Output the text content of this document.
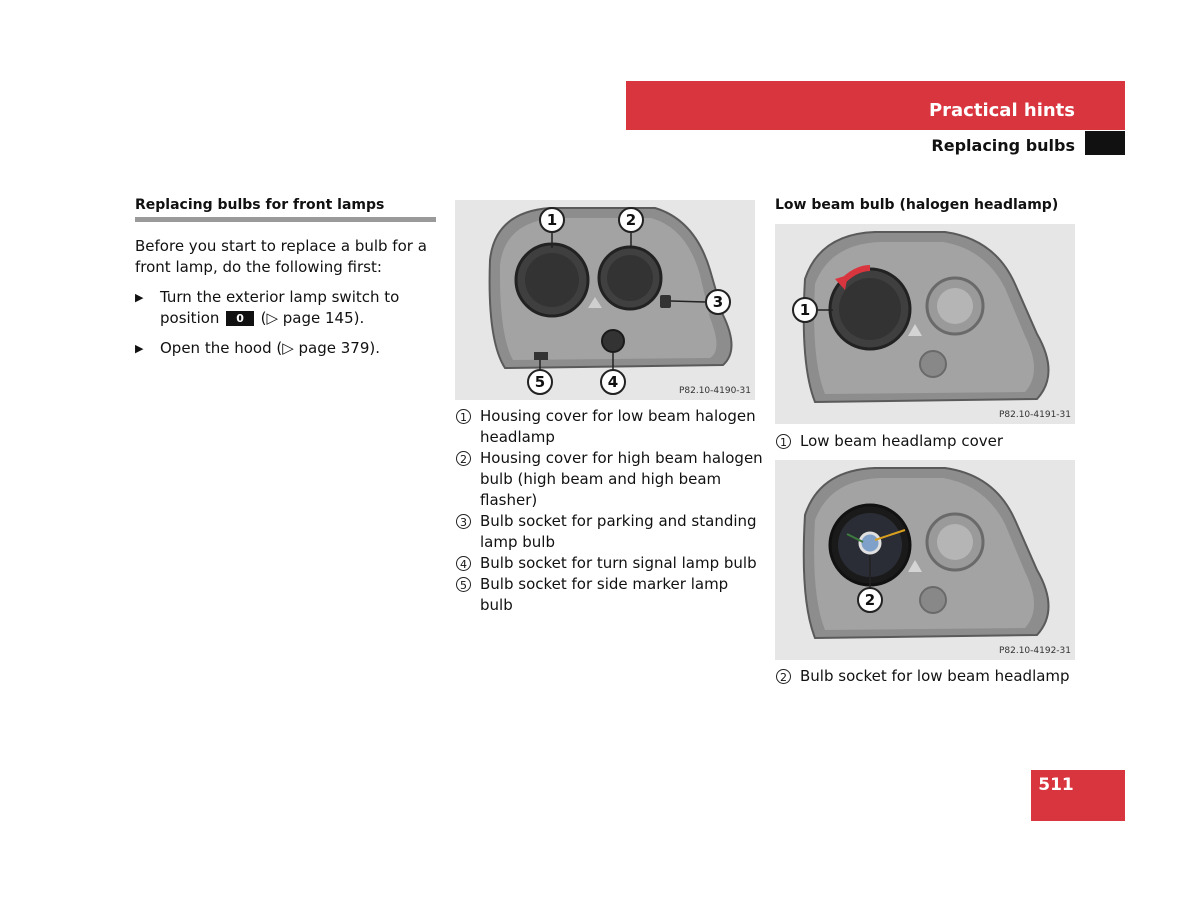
Practical hints
Replacing bulbs
Replacing bulbs for front lamps
Before you start to replace a bulb for a front lamp, do the following first:
▶ Turn the exterior lamp switch to position 0 (▷ page 145).
▶ Open the hood (▷ page 379).
1	2
3
4
5	P82.10-4190-31
1 Housing cover for low beam halogen headlamp
2 Housing cover for high beam halogen bulb (high beam and high beam flasher)
3 Bulb socket for parking and standing lamp bulb
4 Bulb socket for turn signal lamp bulb
5 Bulb socket for side marker lamp bulb
Low beam bulb (halogen headlamp)
1
P82.10-4191-31
1 Low beam headlamp cover
2
P82.10-4192-31
2 Bulb socket for low beam headlamp
511
